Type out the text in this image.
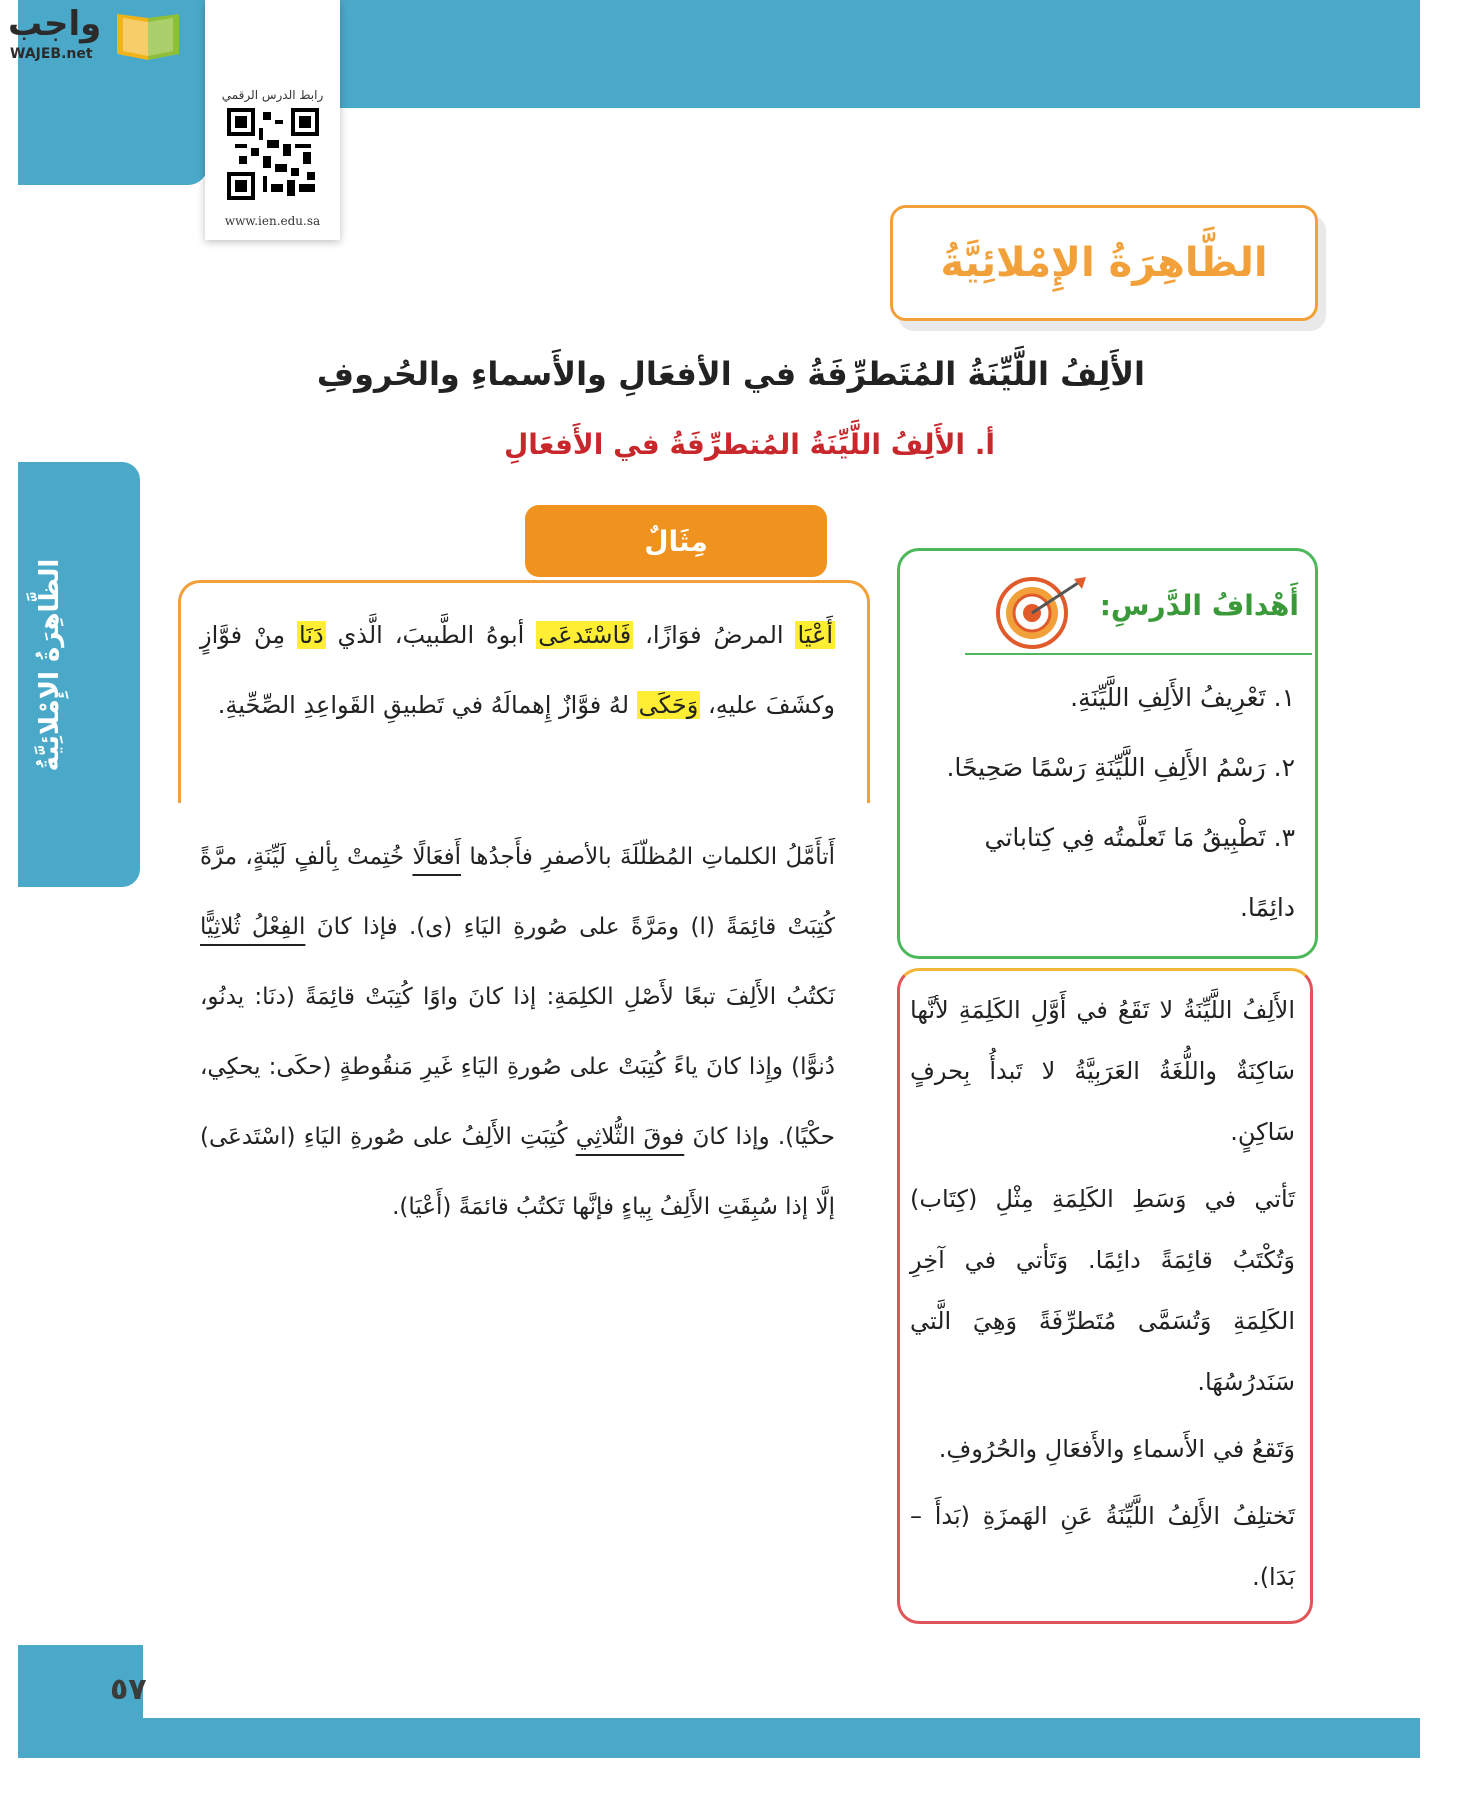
واجب
WAJEB.net
رابط الدرس الرقمي
www.ien.edu.sa
الظَّاهِرَةُ الإِمْلائِيَّةُ
الأَلِفُ اللَّيِّنَةُ المُتَطرِّفَةُ في الأفعَالِ والأَسماءِ والحُروفِ
أ. الأَلِفُ اللَّيِّنَةُ المُتطرِّفَةُ في الأَفعَالِ
الظَّاهِرَةُ الإِمْلائِيَّةُ
مِثَالٌ
أَعْيَا المرضُ فوَازًا، فَاسْتَدعَى أبوهُ الطَّبيبَ، الَّذي دَنَا مِنْ فوَّازٍ وكشَفَ عليهِ، وَحَكَى لهُ فوَّازٌ إِهمالَهُ في تَطبيقِ القَواعِدِ الصِّحِّيةِ.
أَتأَمَّلُ الكلماتِ المُظلّلَةَ بالأصفرِ فأَجدُها أَفعَالًا خُتِمتْ بِألفٍ لَيِّنَةٍ، مرَّةً كُتِبَتْ قائِمَةً (ا) ومَرَّةً على صُورةِ اليَاءِ (ى). فإذا كانَ الفِعْلُ ثُلاثِيًّا نَكتُبُ الأَلِفَ تبعًا لأَصْلِ الكلِمَةِ: إذا كانَ واوًا كُتِبَتْ قائِمَةً (دنَا: يدنُو، دُنوًّا) وإِذا كانَ ياءً كُتِبَتْ على صُورةِ اليَاءِ غَيرِ مَنقُوطةٍ (حكَى: يحكِي، حكْيًا). وإذا كانَ فوقَ الثُّلاثِي كُتِبَتِ الأَلِفُ على صُورةِ اليَاءِ (اسْتَدعَى) إلَّا إذا سُبِقَتِ الأَلِفُ بِياءٍ فإنَّها تَكتُبُ قائمَةً (أَعْيَا).
أَهْدافُ الدَّرسِ:
١. تَعْرِيفُ الأَلِفِ اللَّيِّنَةِ.
٢. رَسْمُ الأَلِفِ اللَّيِّنَةِ رَسْمًا صَحِيحًا.
٣. تَطْبِيقُ مَا تَعلَّمتُه فِي كِتاباتي دائِمًا.

الأَلِفُ اللَّيِّنَةُ لا تَقَعُ في أَوَّلِ الكَلِمَةِ لأنَّها سَاكِنَةٌ واللُّغَةُ العَرَبِيَّةُ لا تَبدأُ بِحرفٍ سَاكِنٍ.

تَأتي في وَسَطِ الكَلِمَةِ مِثْلِ (كِتَاب) وَتُكْتَبُ قائِمَةً دائِمًا. وَتَأتي في آخِرِ الكَلِمَةِ وَتُسَمَّى مُتَطرِّفَةً وَهِيَ الَّتي سَنَدرُسُهَا.

وَتَقعُ في الأَسماءِ والأَفعَالِ والحُرُوفِ.

تَختلِفُ الأَلِفُ اللَّيِّنَةُ عَنِ الهَمزَةِ (بَدأَ – بَدَا).

٥٧
